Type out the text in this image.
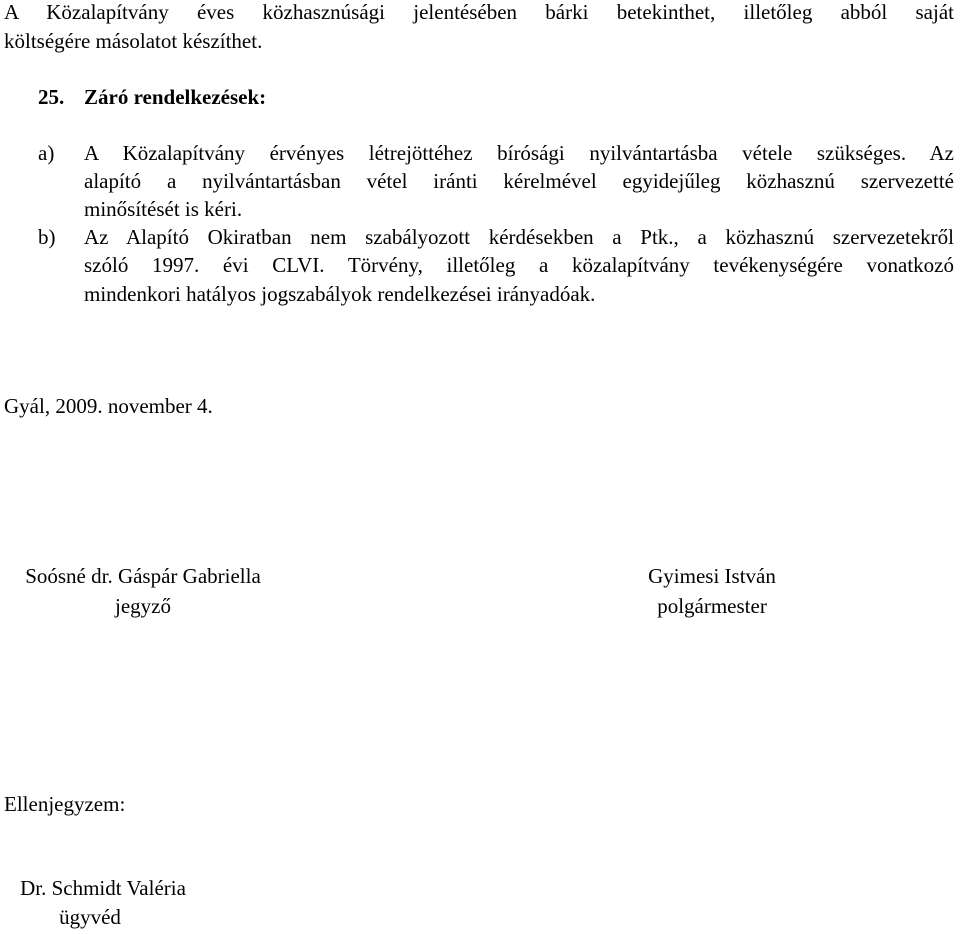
A Közalapítvány éves közhasznúsági jelentésében bárki betekinthet, illetőleg abból saját
költségére másolatot készíthet.
25. Záró rendelkezések:
a) A Közalapítvány érvényes létrejöttéhez bírósági nyilvántartásba vétele szükséges. Az
alapító a nyilvántartásban vétel iránti kérelmével egyidejűleg közhasznú szervezetté
minősítését is kéri.
b) Az Alapító Okiratban nem szabályozott kérdésekben a Ptk., a közhasznú szervezetekről
szóló 1997. évi CLVI. Törvény, illetőleg a közalapítvány tevékenységére vonatkozó
mindenkori hatályos jogszabályok rendelkezései irányadóak.
Gyál, 2009. november 4.
Soósné dr. Gáspár Gabriella
jegyző
Gyimesi István
polgármester
Ellenjegyzem:
Dr. Schmidt Valéria
ügyvéd
